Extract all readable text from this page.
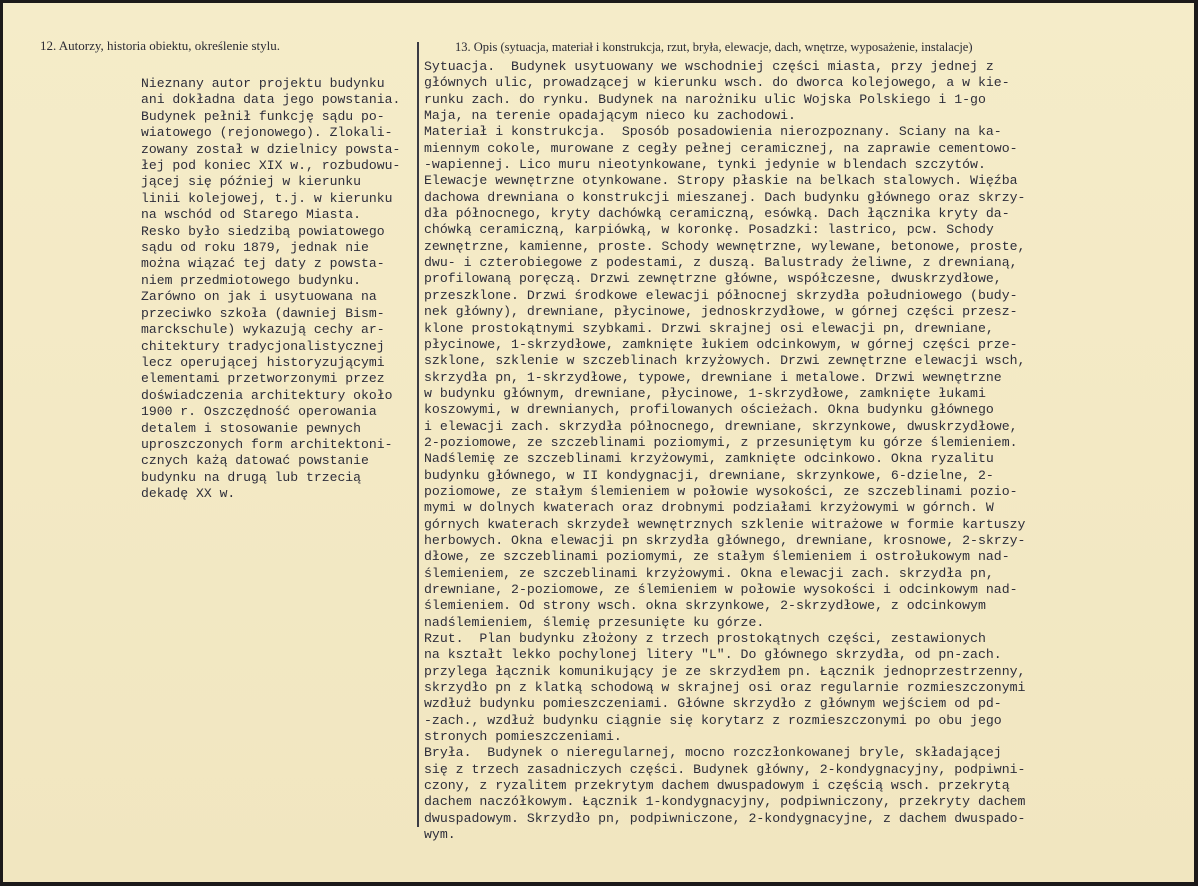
12. Autorzy, historia obiektu, określenie stylu.	13. Opis (sytuacja, materiał i konstrukcja, rzut, bryła, elewacje, dach, wnętrze, wyposażenie, instalacje)
Nieznany autor projektu budynku
ani dokładna data jego powstania.
Budynek pełnił funkcję sądu po-
wiatowego (rejonowego). Zlokali-
zowany został w dzielnicy powsta-
łej pod koniec XIX w., rozbudowu-
jącej się później w kierunku
linii kolejowej, t.j. w kierunku
na wschód od Starego Miasta.
Resko było siedzibą powiatowego
sądu od roku 1879, jednak nie
można wiązać tej daty z powsta-
niem przedmiotowego budynku.
Zarówno on jak i usytuowana na
przeciwko szkoła (dawniej Bism-
marckschule) wykazują cechy ar-
chitektury tradycjonalistycznej
lecz operującej historyzującymi
elementami przetworzonymi przez
doświadczenia architektury około
1900 r. Oszczędność operowania
detalem i stosowanie pewnych
uproszczonych form architektoni-
cznych każą datować powstanie
budynku na drugą lub trzecią
dekadę XX w.
Sytuacja.  Budynek usytuowany we wschodniej części miasta, przy jednej z
głównych ulic, prowadzącej w kierunku wsch. do dworca kolejowego, a w kie-
runku zach. do rynku. Budynek na narożniku ulic Wojska Polskiego i 1-go
Maja, na terenie opadającym nieco ku zachodowi.
Materiał i konstrukcja.  Sposób posadowienia nierozpoznany. Sciany na ka-
miennym cokole, murowane z cegły pełnej ceramicznej, na zaprawie cementowo-
-wapiennej. Lico muru nieotynkowane, tynki jedynie w blendach szczytów.
Elewacje wewnętrzne otynkowane. Stropy płaskie na belkach stalowych. Więźba
dachowa drewniana o konstrukcji mieszanej. Dach budynku głównego oraz skrzy-
dła północnego, kryty dachówką ceramiczną, esówką. Dach łącznika kryty da-
chówką ceramiczną, karpiówką, w koronkę. Posadzki: lastrico, pcw. Schody
zewnętrzne, kamienne, proste. Schody wewnętrzne, wylewane, betonowe, proste,
dwu- i czterobiegowe z podestami, z duszą. Balustrady żeliwne, z drewnianą,
profilowaną poręczą. Drzwi zewnętrzne główne, współczesne, dwuskrzydłowe,
przeszklone. Drzwi środkowe elewacji północnej skrzydła południowego (budy-
nek główny), drewniane, płycinowe, jednoskrzydłowe, w górnej części przesz-
klone prostokątnymi szybkami. Drzwi skrajnej osi elewacji pn, drewniane,
płycinowe, 1-skrzydłowe, zamknięte łukiem odcinkowym, w górnej części prze-
szklone, szklenie w szczeblinach krzyżowych. Drzwi zewnętrzne elewacji wsch,
skrzydła pn, 1-skrzydłowe, typowe, drewniane i metalowe. Drzwi wewnętrzne
w budynku głównym, drewniane, płycinowe, 1-skrzydłowe, zamknięte łukami
koszowymi, w drewnianych, profilowanych ościeżach. Okna budynku głównego
i elewacji zach. skrzydła północnego, drewniane, skrzynkowe, dwuskrzydłowe,
2-poziomowe, ze szczeblinami poziomymi, z przesuniętym ku górze ślemieniem.
Nadślemię ze szczeblinami krzyżowymi, zamknięte odcinkowo. Okna ryzalitu
budynku głównego, w II kondygnacji, drewniane, skrzynkowe, 6-dzielne, 2-
poziomowe, ze stałym ślemieniem w połowie wysokości, ze szczeblinami pozio-
mymi w dolnych kwaterach oraz drobnymi podziałami krzyżowymi w górnch. W
górnych kwaterach skrzydeł wewnętrznych szklenie witrażowe w formie kartuszy
herbowych. Okna elewacji pn skrzydła głównego, drewniane, krosnowe, 2-skrzy-
dłowe, ze szczeblinami poziomymi, ze stałym ślemieniem i ostrołukowym nad-
ślemieniem, ze szczeblinami krzyżowymi. Okna elewacji zach. skrzydła pn,
drewniane, 2-poziomowe, ze ślemieniem w połowie wysokości i odcinkowym nad-
ślemieniem. Od strony wsch. okna skrzynkowe, 2-skrzydłowe, z odcinkowym
nadślemieniem, ślemię przesunięte ku górze.
Rzut.  Plan budynku złożony z trzech prostokątnych części, zestawionych
na kształt lekko pochylonej litery "L". Do głównego skrzydła, od pn-zach.
przylega łącznik komunikujący je ze skrzydłem pn. Łącznik jednoprzestrzenny,
skrzydło pn z klatką schodową w skrajnej osi oraz regularnie rozmieszczonymi
wzdłuż budynku pomieszczeniami. Główne skrzydło z głównym wejściem od pd-
-zach., wzdłuż budynku ciągnie się korytarz z rozmieszczonymi po obu jego
stronych pomieszczeniami.
Bryła.  Budynek o nieregularnej, mocno rozczłonkowanej bryle, składającej
się z trzech zasadniczych części. Budynek główny, 2-kondygnacyjny, podpiwni-
czony, z ryzalitem przekrytym dachem dwuspadowym i częścią wsch. przekrytą
dachem naczółkowym. Łącznik 1-kondygnacyjny, podpiwniczony, przekryty dachem
dwuspadowym. Skrzydło pn, podpiwniczone, 2-kondygnacyjne, z dachem dwuspado-
wym.
